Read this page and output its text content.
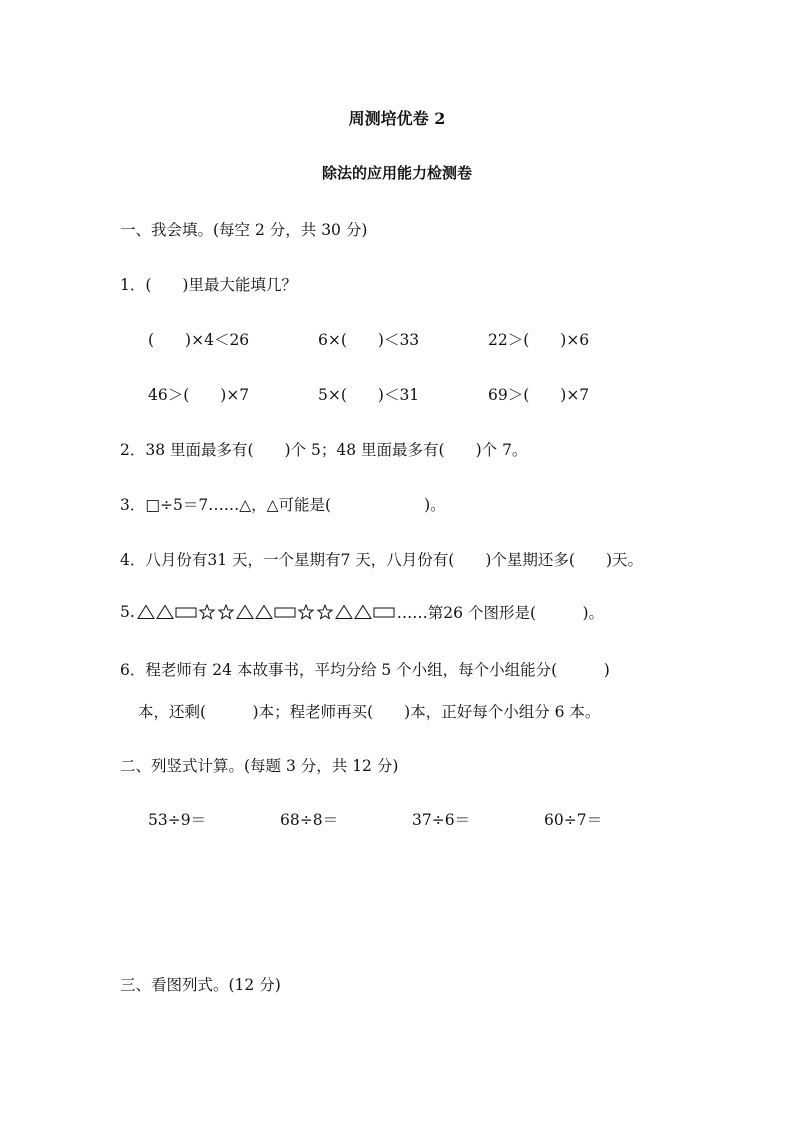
周测培优卷 2
除法的应用能力检测卷
一、我会填。(每空 2 分，共 30 分)
1．(　　)里最大能填几？
(　　)×4＜26	6×(　　)＜33	22＞(　　)×6
46＞(　　)×7	5×(　　)＜31	69＞(　　)×7
2．38 里面最多有(　　)个 5；48 里面最多有(　　)个 7。
3．□÷5＝7……△，△可能是(　　　　　　)。
4．八月份有31 天，一个星期有7 天，八月份有(　　)个星期还多(　　)天。
5.	……第26 个图形是(　　　)。
6．程老师有 24 本故事书，平均分给 5 个小组，每个小组能分(　　　)
本，还剩(　　　)本；程老师再买(　　)本，正好每个小组分 6 本。
二、列竖式计算。(每题 3 分，共 12 分)
53÷9＝	68÷8＝	37÷6＝	60÷7＝
三、看图列式。(12 分)
